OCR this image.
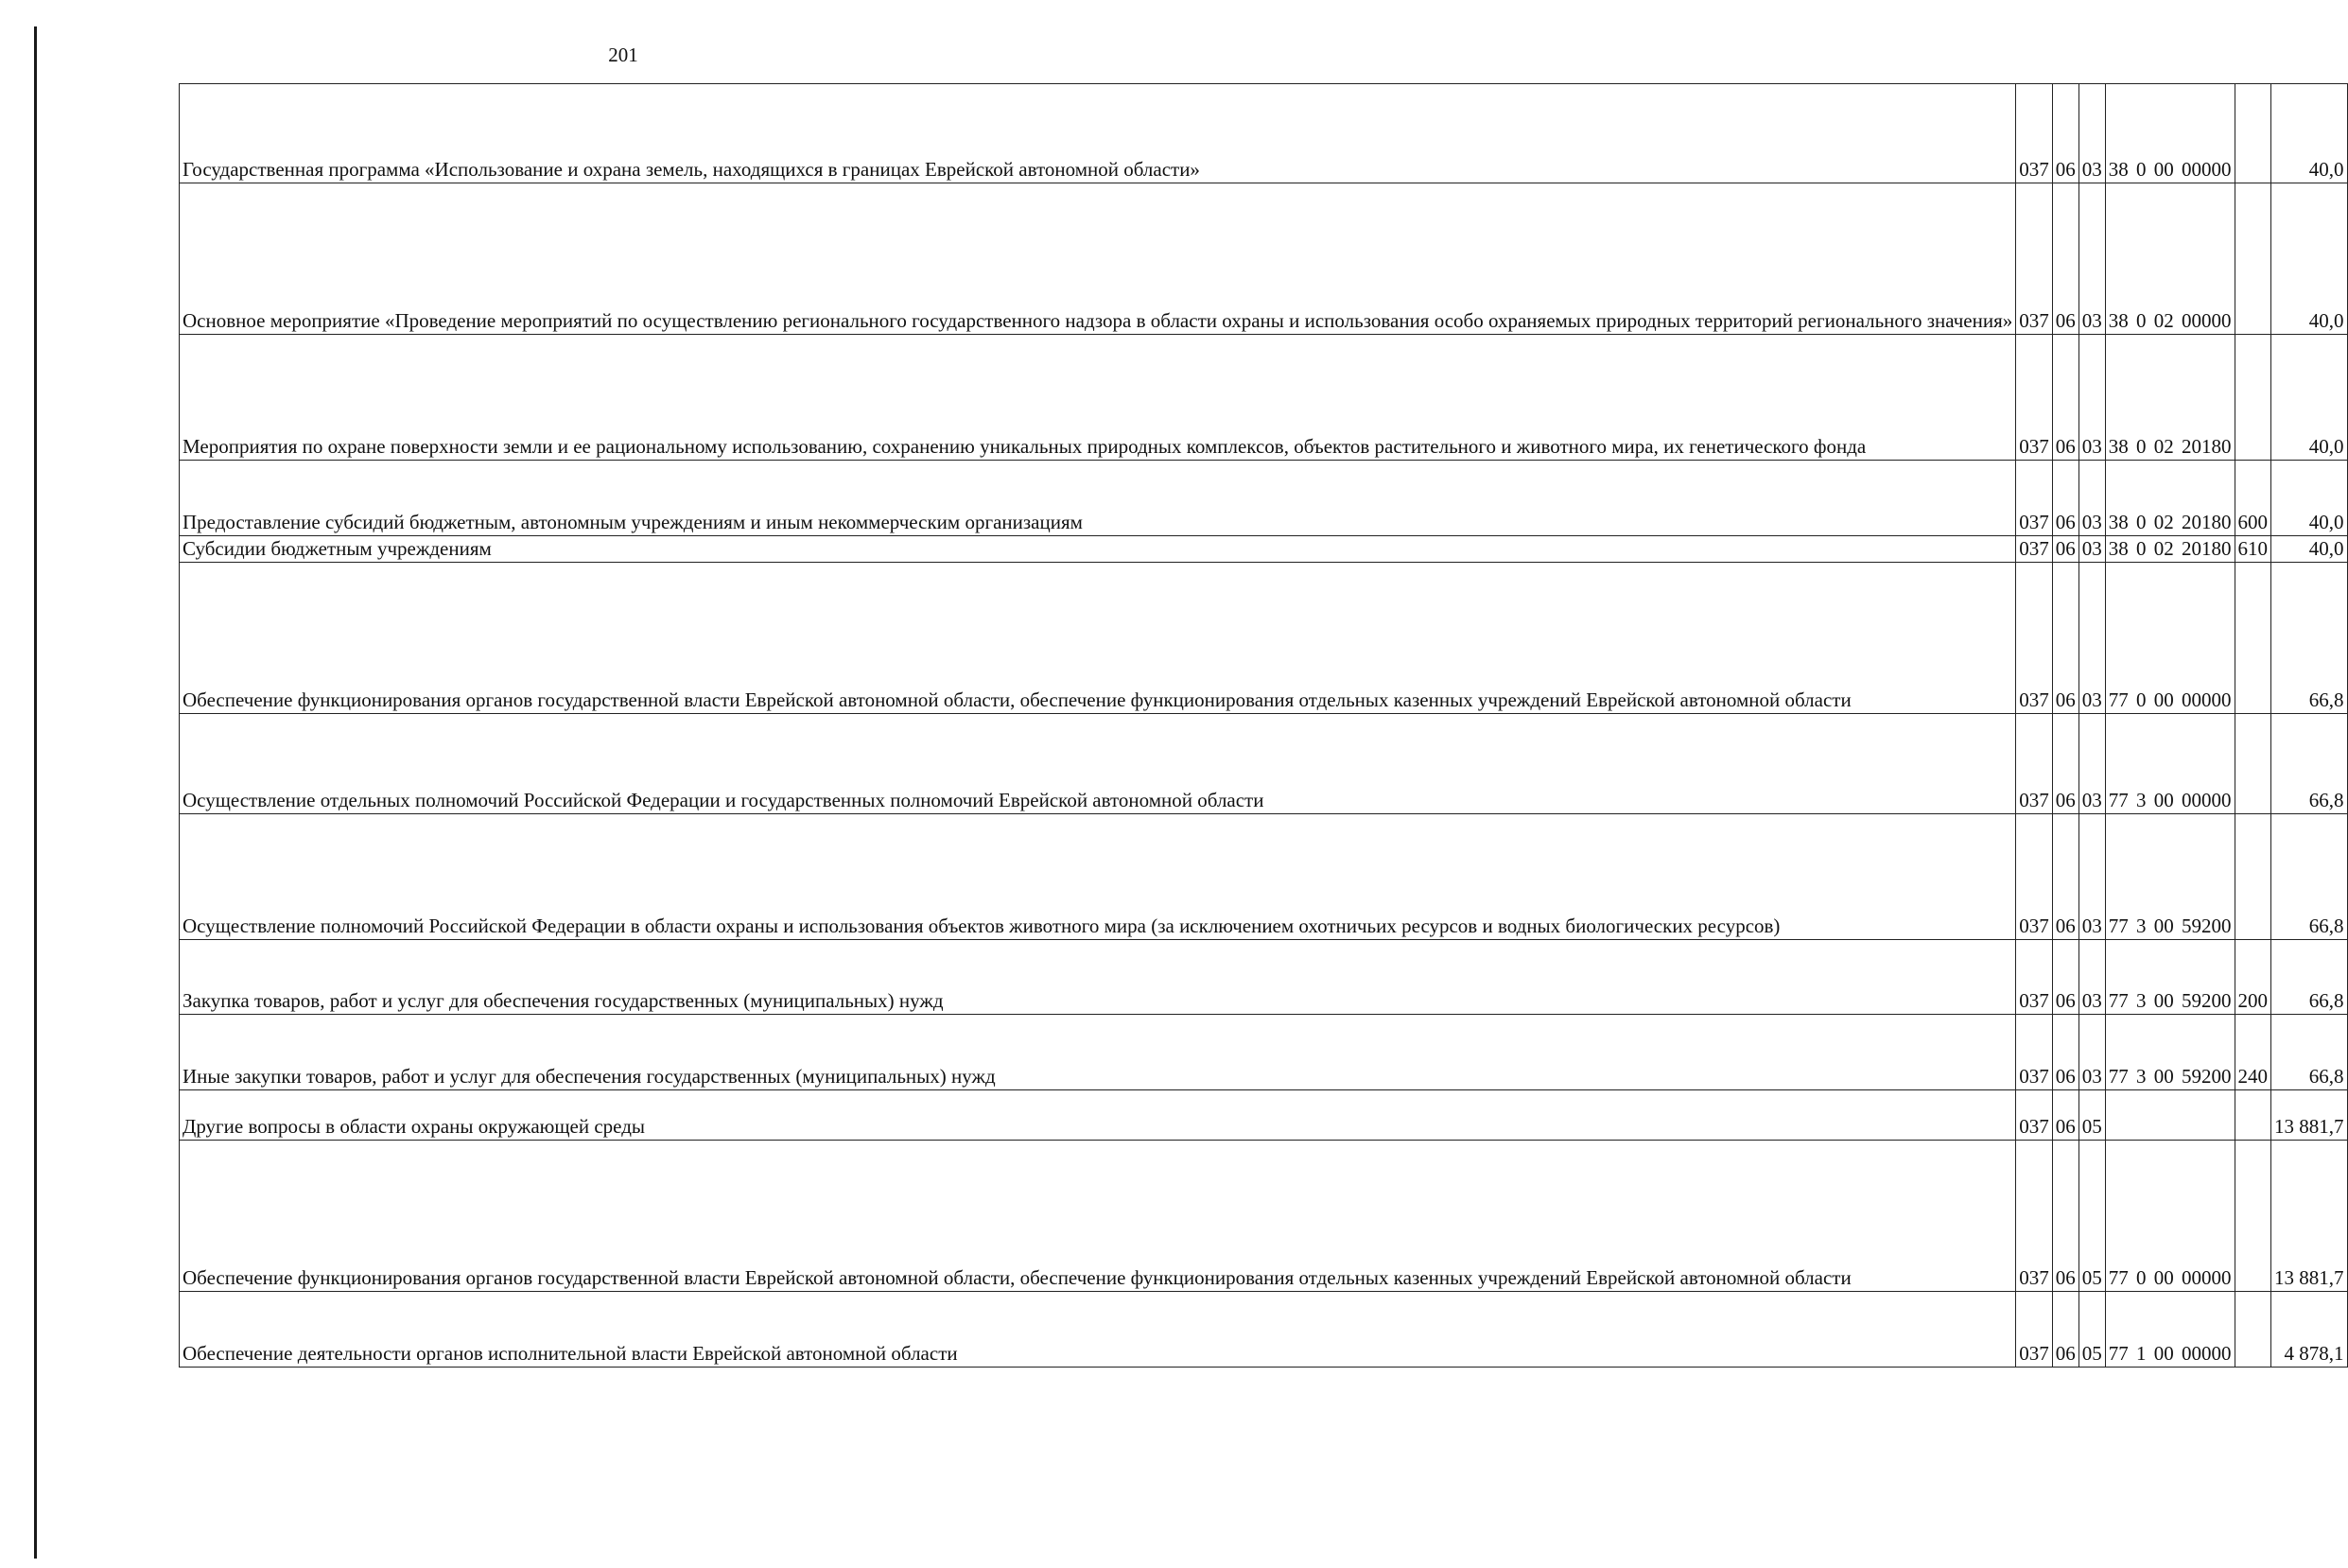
201
Государственная программа «Использование и охрана земель, находящихся в границах Еврейской автономной области»	037	06	03	38 0 00 00000		40,0
Основное мероприятие «Проведение мероприятий по осуществлению регионального государственного надзора в области охраны и использования особо охраняемых природных территорий регионального значения»	037	06	03	38 0 02 00000		40,0
Мероприятия по охране поверхности земли и ее рациональному использованию, сохранению уникальных природных комплексов, объектов растительного и животного мира, их генетического фонда	037	06	03	38 0 02 20180		40,0
Предоставление субсидий бюджетным, автономным учреждениям и иным некоммерческим организациям	037	06	03	38 0 02 20180	600	40,0
Субсидии бюджетным учреждениям	037	06	03	38 0 02 20180	610	40,0
Обеспечение функционирования органов государственной власти Еврейской автономной области, обеспечение функционирования отдельных казенных учреждений Еврейской автономной области	037	06	03	77 0 00 00000		66,8
Осуществление отдельных полномочий Российской Федерации и государственных полномочий Еврейской автономной области	037	06	03	77 3 00 00000		66,8
Осуществление полномочий Российской Федерации в области охраны и использования объектов животного мира (за исключением охотничьих ресурсов и водных биологических ресурсов)	037	06	03	77 3 00 59200		66,8
Закупка товаров, работ и услуг для обеспечения государственных (муниципальных) нужд	037	06	03	77 3 00 59200	200	66,8
Иные закупки товаров, работ и услуг для обеспечения государственных (муниципальных) нужд	037	06	03	77 3 00 59200	240	66,8
Другие вопросы в области охраны окружающей среды	037	06	05			13 881,7
Обеспечение функционирования органов государственной власти Еврейской автономной области, обеспечение функционирования отдельных казенных учреждений Еврейской автономной области	037	06	05	77 0 00 00000		13 881,7
Обеспечение деятельности органов исполнительной власти Еврейской автономной области	037	06	05	77 1 00 00000		4 878,1
